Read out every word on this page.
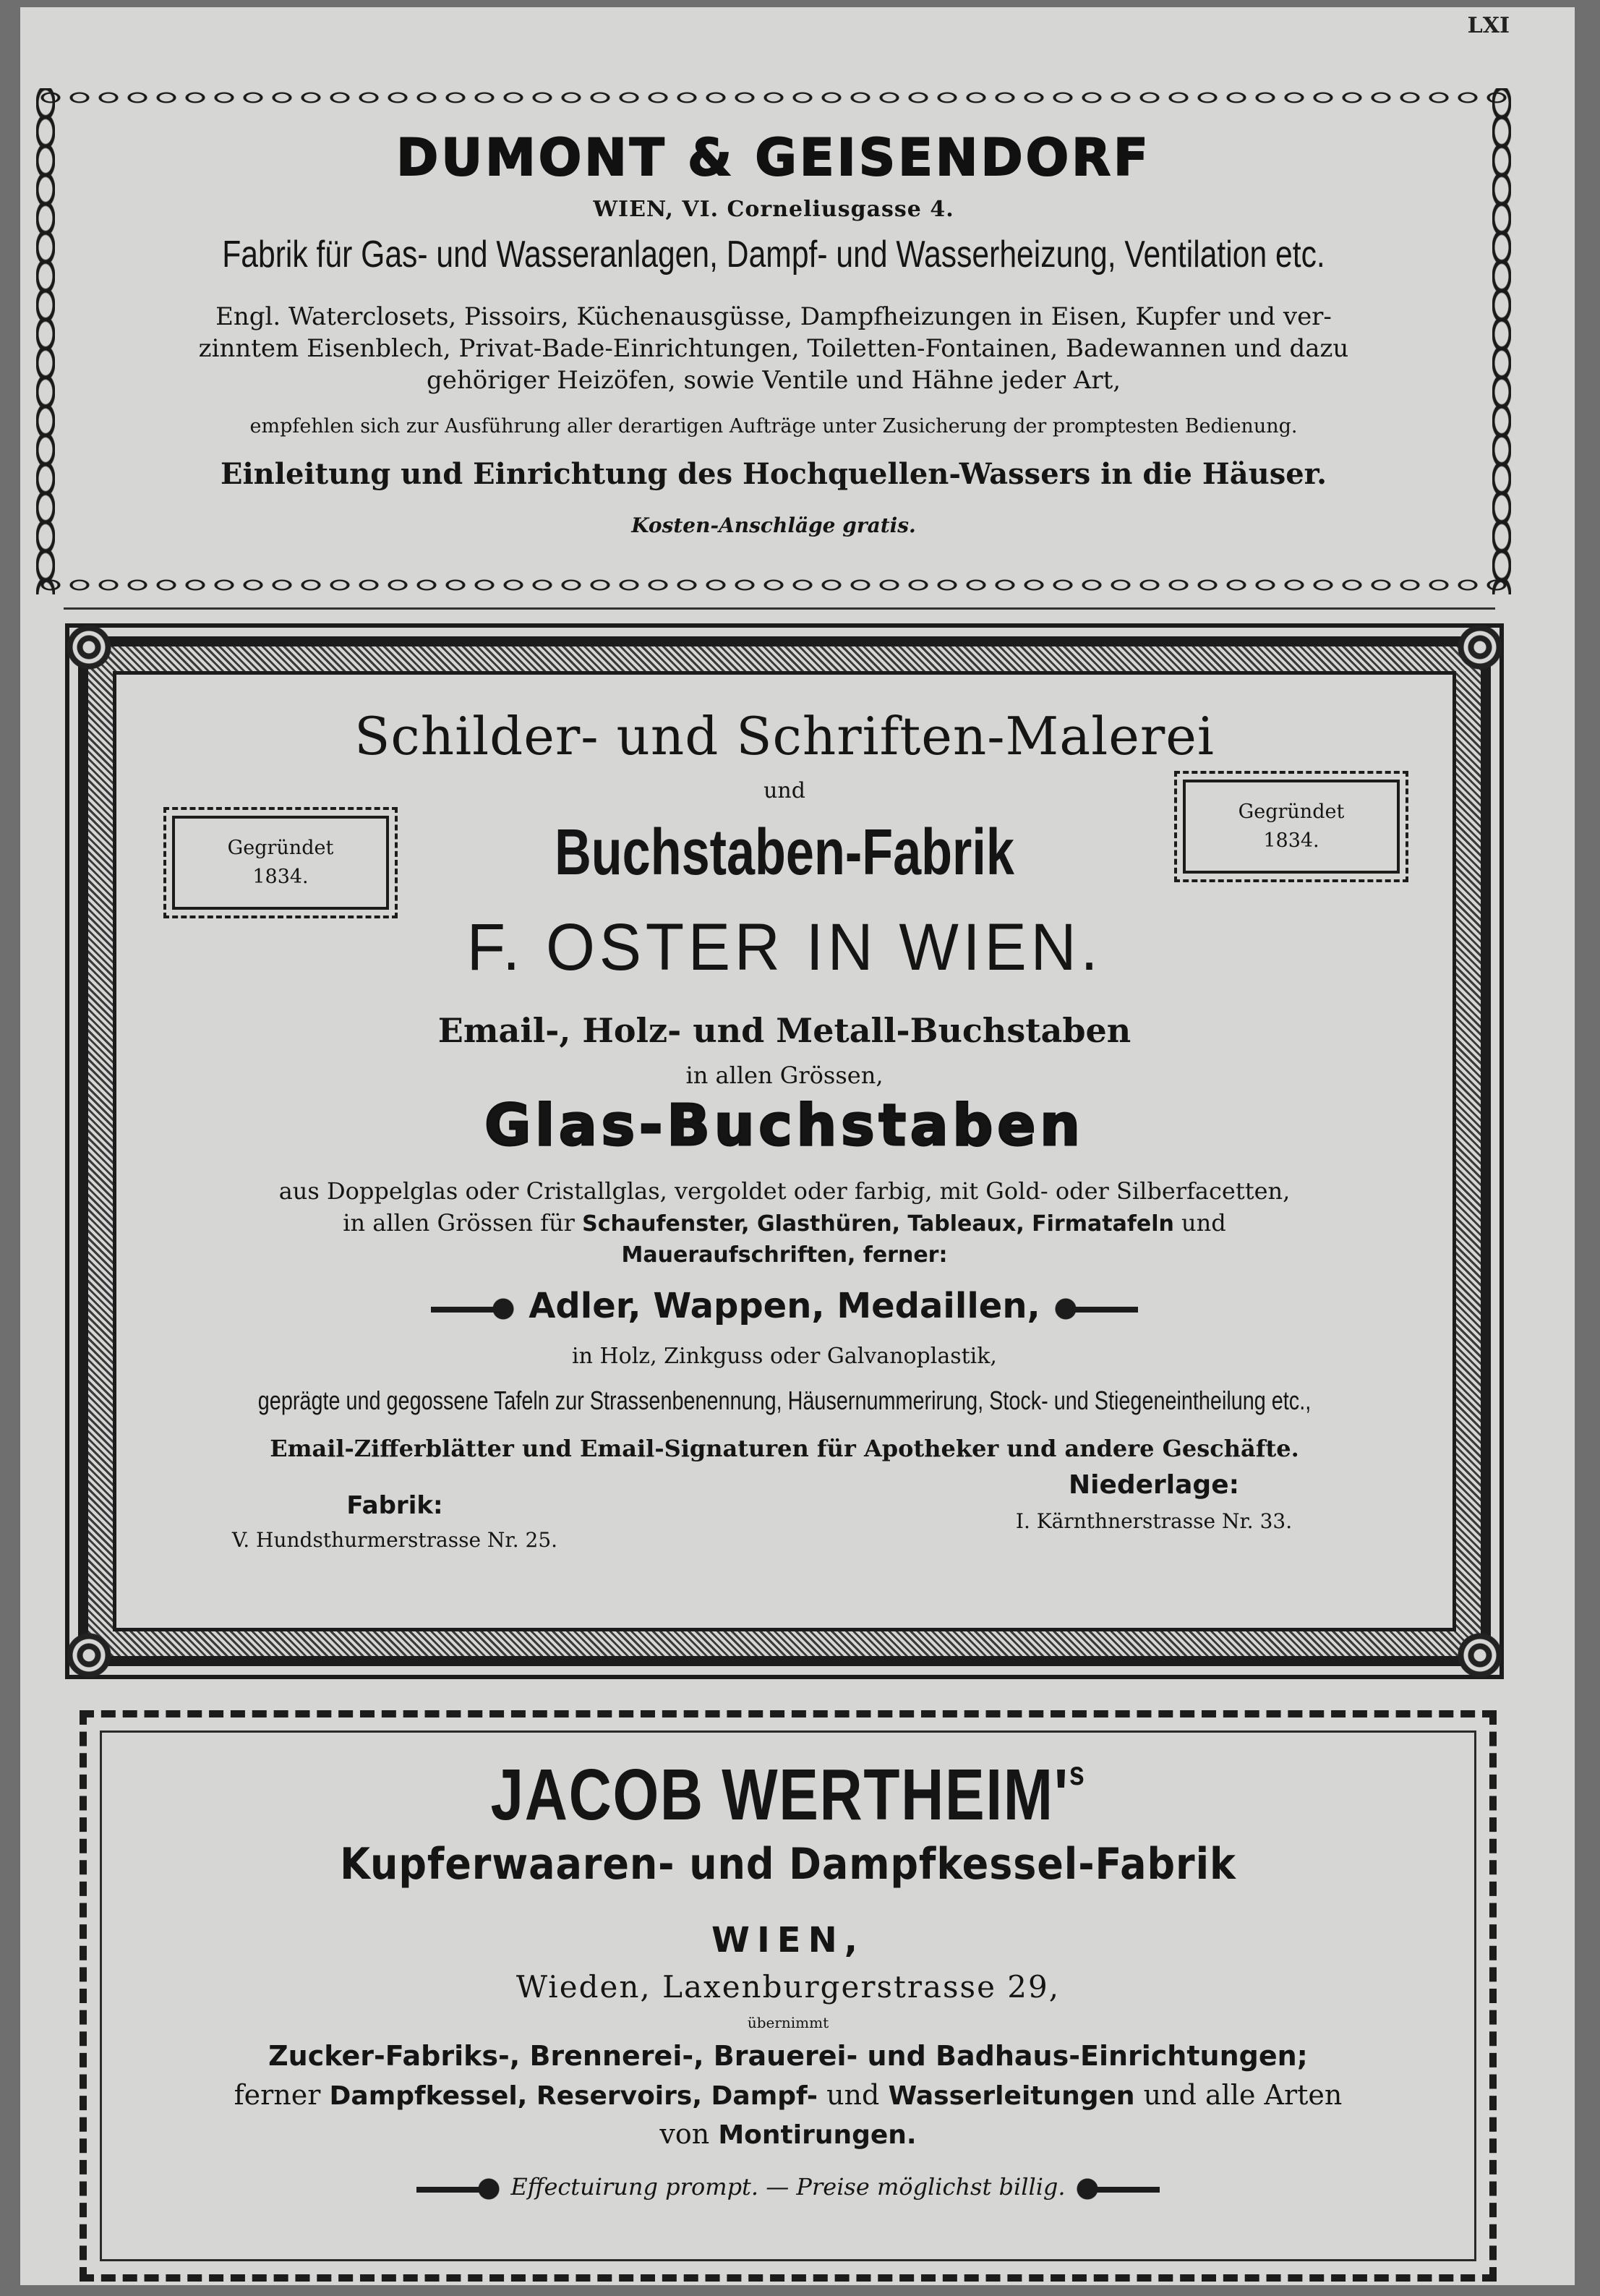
LXI
DUMONT & GEISENDORF
WIEN, VI. Corneliusgasse 4.
Fabrik für Gas- und Wasseranlagen, Dampf- und Wasserheizung, Ventilation etc.
Engl. Waterclosets, Pissoirs, Küchenausgüsse, Dampfheizungen in Eisen, Kupfer und ver-
zinntem Eisenblech, Privat-Bade-Einrichtungen, Toiletten-Fontainen, Badewannen und dazu
gehöriger Heizöfen, sowie Ventile und Hähne jeder Art,
empfehlen sich zur Ausführung aller derartigen Aufträge unter Zusicherung der promptesten Bedienung.
Einleitung und Einrichtung des Hochquellen-Wassers in die Häuser.
Kosten-Anschläge gratis.
Schilder- und Schriften-Malerei
und
Gegründet
1834.
Gegründet
1834.
Buchstaben-Fabrik
F. OSTER IN WIEN.
Email-, Holz- und Metall-Buchstaben
in allen Grössen,
Glas-Buchstaben
aus Doppelglas oder Cristallglas, vergoldet oder farbig, mit Gold- oder Silberfacetten,
in allen Grössen für Schaufenster, Glasthüren, Tableaux, Firmatafeln und
Maueraufschriften, ferner:
Adler, Wappen, Medaillen,
in Holz, Zinkguss oder Galvanoplastik,
geprägte und gegossene Tafeln zur Strassenbenennung, Häusernummerirung, Stock- und Stiegeneintheilung etc.,
Email-Zifferblätter und Email-Signaturen für Apotheker und andere Geschäfte.
Fabrik:
V. Hundsthurmerstrasse Nr. 25.
Niederlage:
I. Kärnthnerstrasse Nr. 33.
JACOB $WERTHEIM'^s$
Kupferwaaren- und Dampfkessel-Fabrik
WIEN,
Wieden, Laxenburgerstrasse 29,
übernimmt
Zucker-Fabriks-, Brennerei-, Brauerei- und Badhaus-Einrichtungen;
ferner Dampfkessel, Reservoirs, Dampf- und Wasserleitungen und alle Arten
von Montirungen.
Effectuirung prompt. — Preise möglichst billig.
